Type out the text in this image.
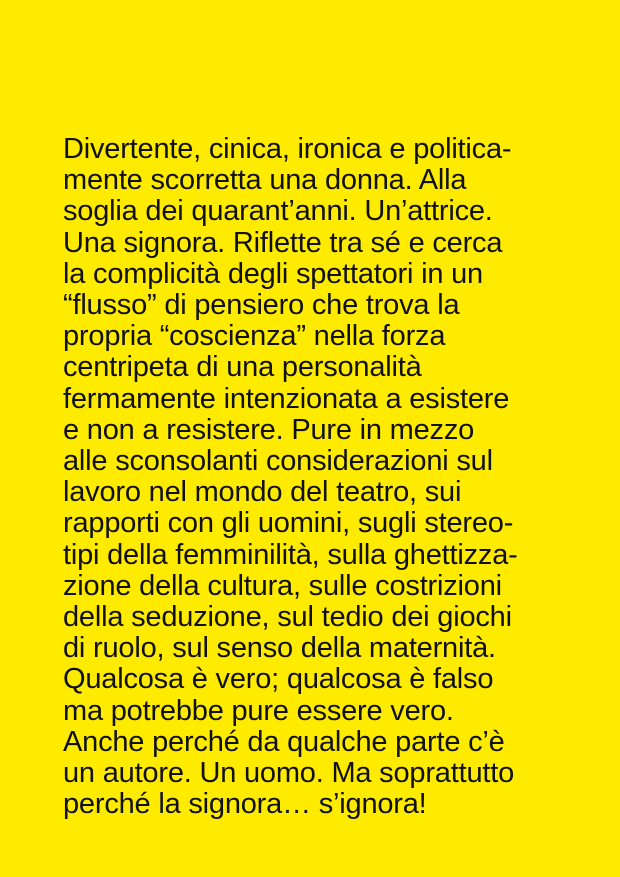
Divertente, cinica, ironica e politica-
mente scorretta una donna. Alla
soglia dei quarant’anni. Un’attrice.
Una signora. Riflette tra sé e cerca
la complicità degli spettatori in un
“flusso” di pensiero che trova la
propria “coscienza” nella forza
centripeta di una personalità
fermamente intenzionata a esistere
e non a resistere. Pure in mezzo
alle sconsolanti considerazioni sul
lavoro nel mondo del teatro, sui
rapporti con gli uomini, sugli stereo-
tipi della femminilità, sulla ghettizza-
zione della cultura, sulle costrizioni
della seduzione, sul tedio dei giochi
di ruolo, sul senso della maternità.
Qualcosa è vero; qualcosa è falso
ma potrebbe pure essere vero.
Anche perché da qualche parte c’è
un autore. Un uomo. Ma soprattutto
perché la signora… s’ignora!
